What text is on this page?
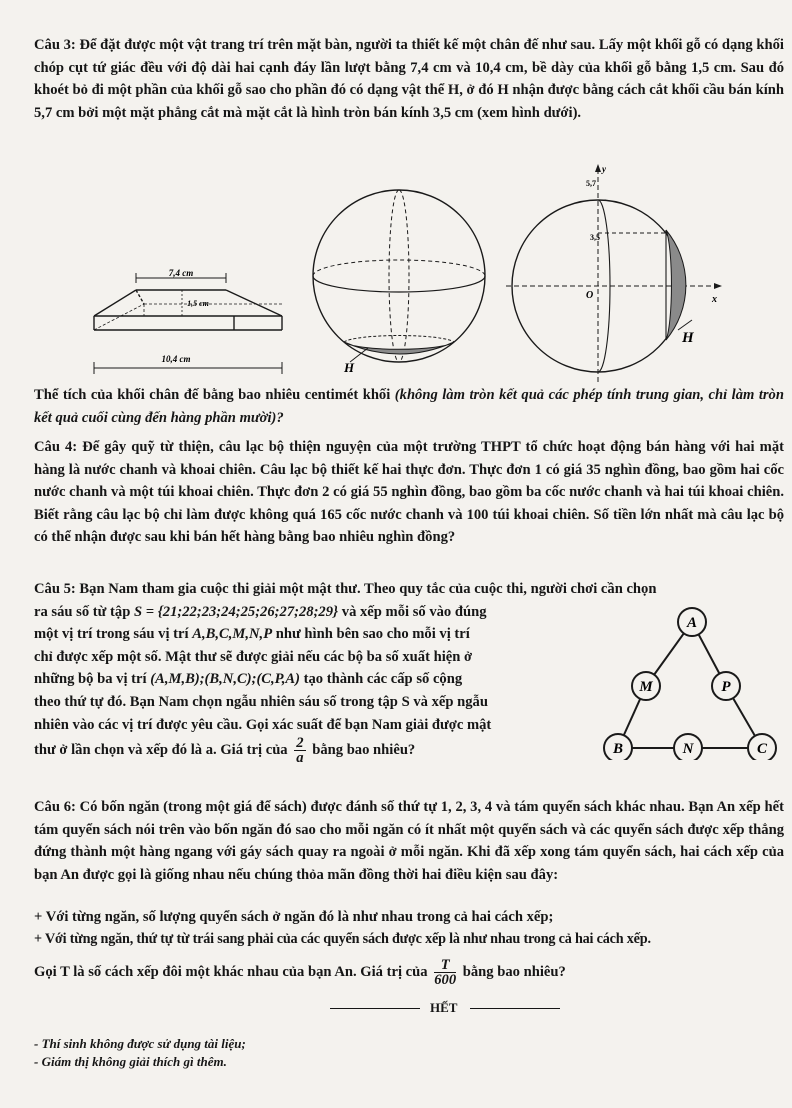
Câu 3: Để đặt được một vật trang trí trên mặt bàn, người ta thiết kế một chân đế như sau. Lấy một khối gỗ có dạng khối chóp cụt tứ giác đều với độ dài hai cạnh đáy lần lượt bằng 7,4 cm và 10,4 cm, bề dày của khối gỗ bằng 1,5 cm. Sau đó khoét bỏ đi một phần của khối gỗ sao cho phần đó có dạng vật thể H, ở đó H nhận được bằng cách cắt khối cầu bán kính 5,7 cm bởi một mặt phẳng cắt mà mặt cắt là hình tròn bán kính 3,5 cm (xem hình dưới).

7,4 cm
1,5 cm
10,4 cm
H
y
5,7
3,5
O	x
H

Thể tích của khối chân đế bằng bao nhiêu centimét khối (không làm tròn kết quả các phép tính trung gian, chỉ làm tròn kết quả cuối cùng đến hàng phần mười)?

Câu 4: Để gây quỹ từ thiện, câu lạc bộ thiện nguyện của một trường THPT tổ chức hoạt động bán hàng với hai mặt hàng là nước chanh và khoai chiên. Câu lạc bộ thiết kế hai thực đơn. Thực đơn 1 có giá 35 nghìn đồng, bao gồm hai cốc nước chanh và một túi khoai chiên. Thực đơn 2 có giá 55 nghìn đồng, bao gồm ba cốc nước chanh và hai túi khoai chiên. Biết rằng câu lạc bộ chỉ làm được không quá 165 cốc nước chanh và 100 túi khoai chiên. Số tiền lớn nhất mà câu lạc bộ có thể nhận được sau khi bán hết hàng bằng bao nhiêu nghìn đồng?

Câu 5: Bạn Nam tham gia cuộc thi giải một mật thư. Theo quy tắc của cuộc thi, người chơi cần chọn
ra sáu số từ tập S = {21;22;23;24;25;26;27;28;29} và xếp mỗi số vào đúng
một vị trí trong sáu vị trí A,B,C,M,N,P như hình bên sao cho mỗi vị trí
chỉ được xếp một số. Mật thư sẽ được giải nếu các bộ ba số xuất hiện ở
những bộ ba vị trí (A,M,B);(B,N,C);(C,P,A) tạo thành các cấp số cộng
theo thứ tự đó. Bạn Nam chọn ngẫu nhiên sáu số trong tập S và xếp ngẫu
nhiên vào các vị trí được yêu cầu. Gọi xác suất để bạn Nam giải được mật
thư ở lần chọn và xếp đó là a. Giá trị của $\frac{2}{a}$ bằng bao nhiêu?
A
M	P
B	N	C

Câu 6: Có bốn ngăn (trong một giá để sách) được đánh số thứ tự 1, 2, 3, 4 và tám quyển sách khác nhau. Bạn An xếp hết tám quyển sách nói trên vào bốn ngăn đó sao cho mỗi ngăn có ít nhất một quyển sách và các quyển sách được xếp thẳng đứng thành một hàng ngang với gáy sách quay ra ngoài ở mỗi ngăn. Khi đã xếp xong tám quyển sách, hai cách xếp của bạn An được gọi là giống nhau nếu chúng thỏa mãn đồng thời hai điều kiện sau đây:

+ Với từng ngăn, số lượng quyển sách ở ngăn đó là như nhau trong cả hai cách xếp;
+ Với từng ngăn, thứ tự từ trái sang phải của các quyển sách được xếp là như nhau trong cả hai cách xếp.
Gọi T là số cách xếp đôi một khác nhau của bạn An. Giá trị của $\frac{T}{600}$ bằng bao nhiêu?
HẾT
- Thí sinh không được sử dụng tài liệu;
- Giám thị không giải thích gì thêm.
